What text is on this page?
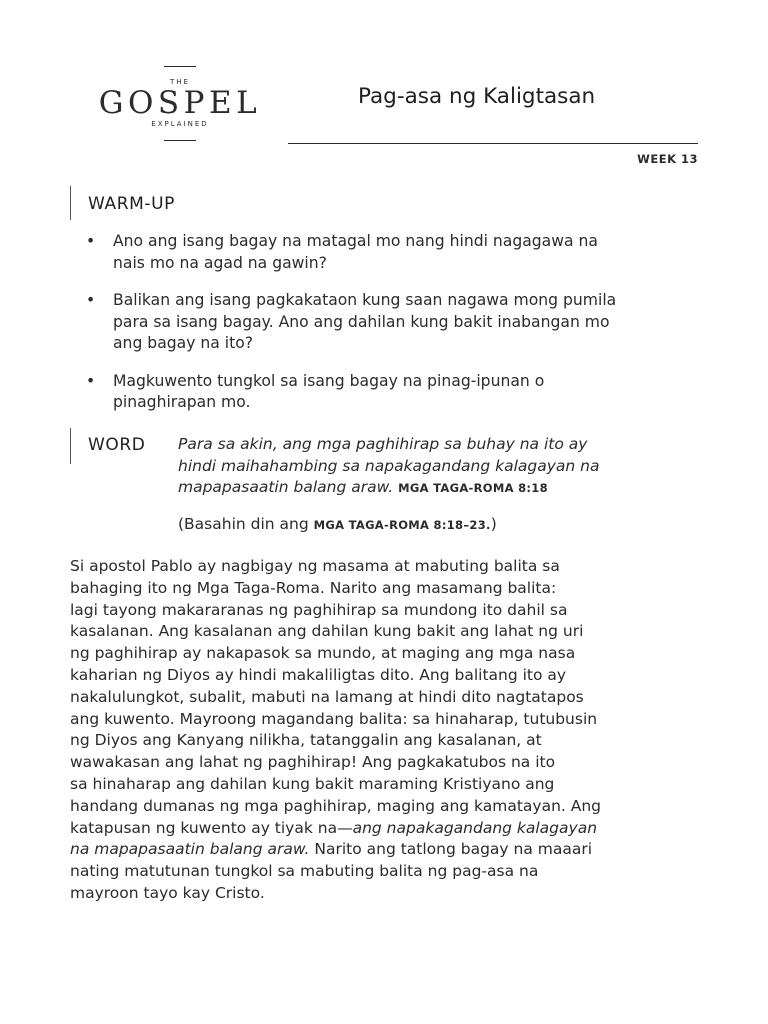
THE
GOSPEL
EXPLAINED
Pag-asa ng Kaligtasan
WEEK 13
WARM-UP
• Ano ang isang bagay na matagal mo nang hindi nagagawa na
nais mo na agad na gawin?
• Balikan ang isang pagkakataon kung saan nagawa mong pumila
para sa isang bagay. Ano ang dahilan kung bakit inabangan mo
ang bagay na ito?
• Magkuwento tungkol sa isang bagay na pinag-ipunan o
pinaghirapan mo.
WORD Para sa akin, ang mga paghihirap sa buhay na ito ay
hindi maihahambing sa napakagandang kalagayan na
mapapasaatin balang araw. MGA TAGA-ROMA 8:18
(Basahin din ang MGA TAGA-ROMA 8:18–23.)

Si apostol Pablo ay nagbigay ng masama at mabuting balita sa
bahaging ito ng Mga Taga-Roma. Narito ang masamang balita:
lagi tayong makararanas ng paghihirap sa mundong ito dahil sa
kasalanan. Ang kasalanan ang dahilan kung bakit ang lahat ng uri
ng paghihirap ay nakapasok sa mundo, at maging ang mga nasa
kaharian ng Diyos ay hindi makaliligtas dito. Ang balitang ito ay
nakalulungkot, subalit, mabuti na lamang at hindi dito nagtatapos
ang kuwento. Mayroong magandang balita: sa hinaharap, tutubusin
ng Diyos ang Kanyang nilikha, tatanggalin ang kasalanan, at
wawakasan ang lahat ng paghihirap! Ang pagkakatubos na ito
sa hinaharap ang dahilan kung bakit maraming Kristiyano ang
handang dumanas ng mga paghihirap, maging ang kamatayan. Ang
katapusan ng kuwento ay tiyak na—ang napakagandang kalagayan
na mapapasaatin balang araw. Narito ang tatlong bagay na maaari
nating matutunan tungkol sa mabuting balita ng pag-asa na
mayroon tayo kay Cristo.
